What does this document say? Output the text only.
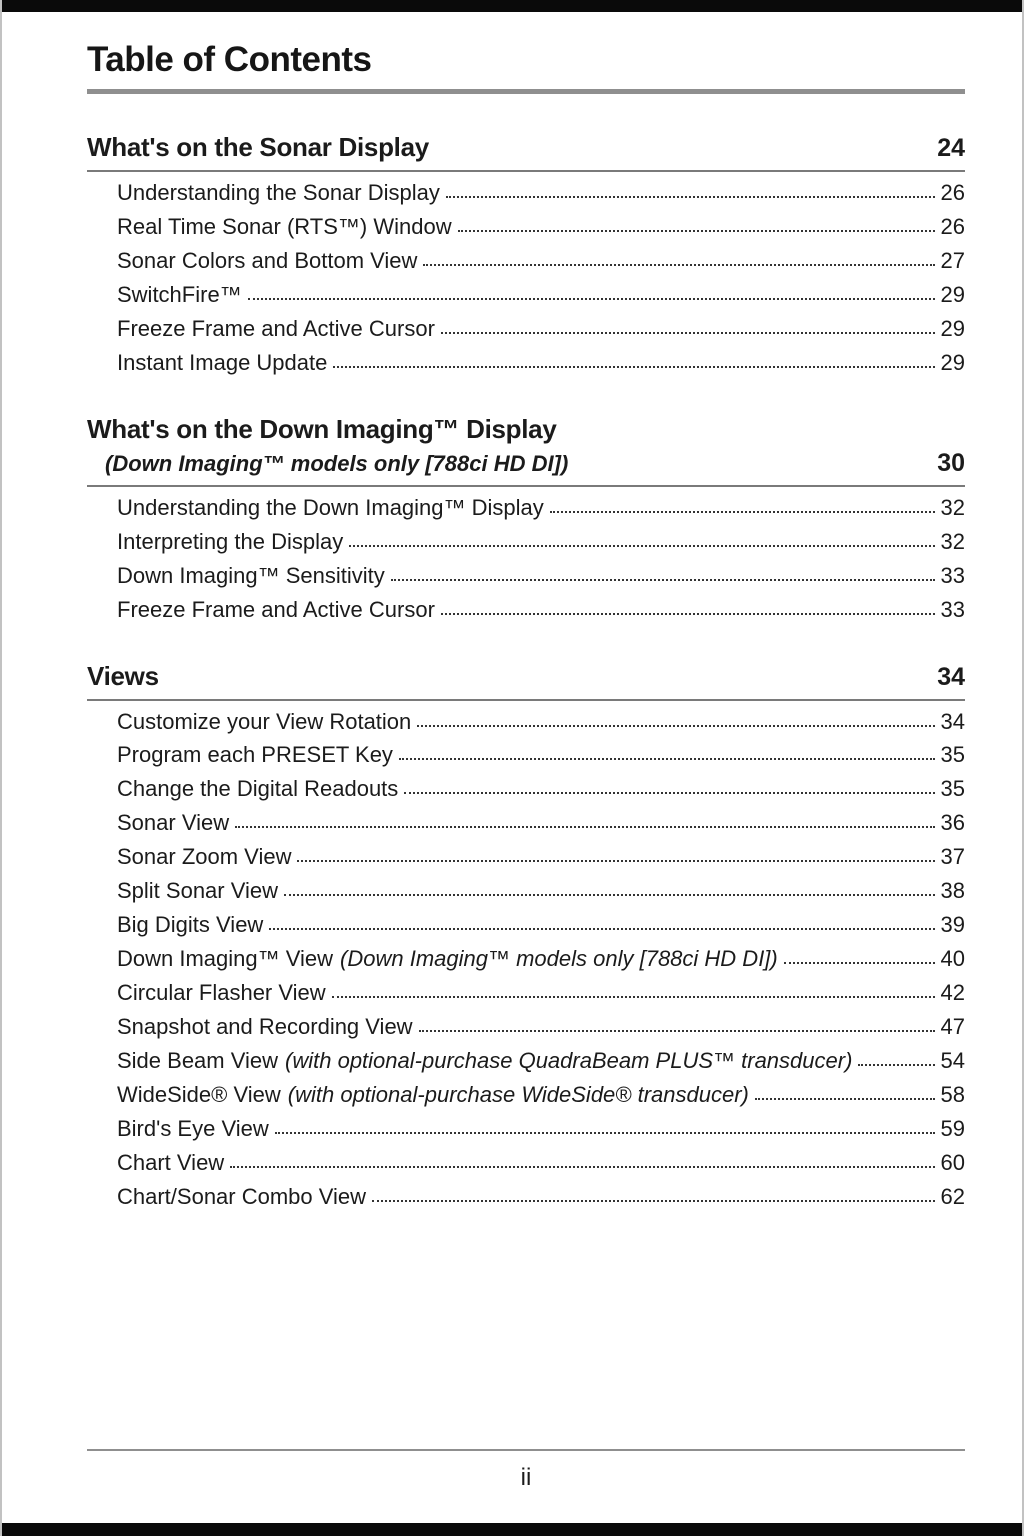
Table of Contents
What's on the Sonar Display	24
Understanding the Sonar Display	26
Real Time Sonar (RTS™) Window	26
Sonar Colors and Bottom View	27
SwitchFire™	29
Freeze Frame and Active Cursor	29
Instant Image Update	29
What's on the Down Imaging™ Display
(Down Imaging™ models only [788ci HD DI])	30
Understanding the Down Imaging™ Display	32
Interpreting the Display	32
Down Imaging™ Sensitivity	33
Freeze Frame and Active Cursor	33
Views	34
Customize your View Rotation	34
Program each PRESET Key	35
Change the Digital Readouts	35
Sonar View	36
Sonar Zoom View	37
Split Sonar View	38
Big Digits View	39
Down Imaging™ View (Down Imaging™ models only [788ci HD DI])	40
Circular Flasher View	42
Snapshot and Recording View	47
Side Beam View (with optional-purchase QuadraBeam PLUS™ transducer)	54
WideSide® View (with optional-purchase WideSide® transducer)	58
Bird's Eye View	59
Chart View	60
Chart/Sonar Combo View	62
ii
